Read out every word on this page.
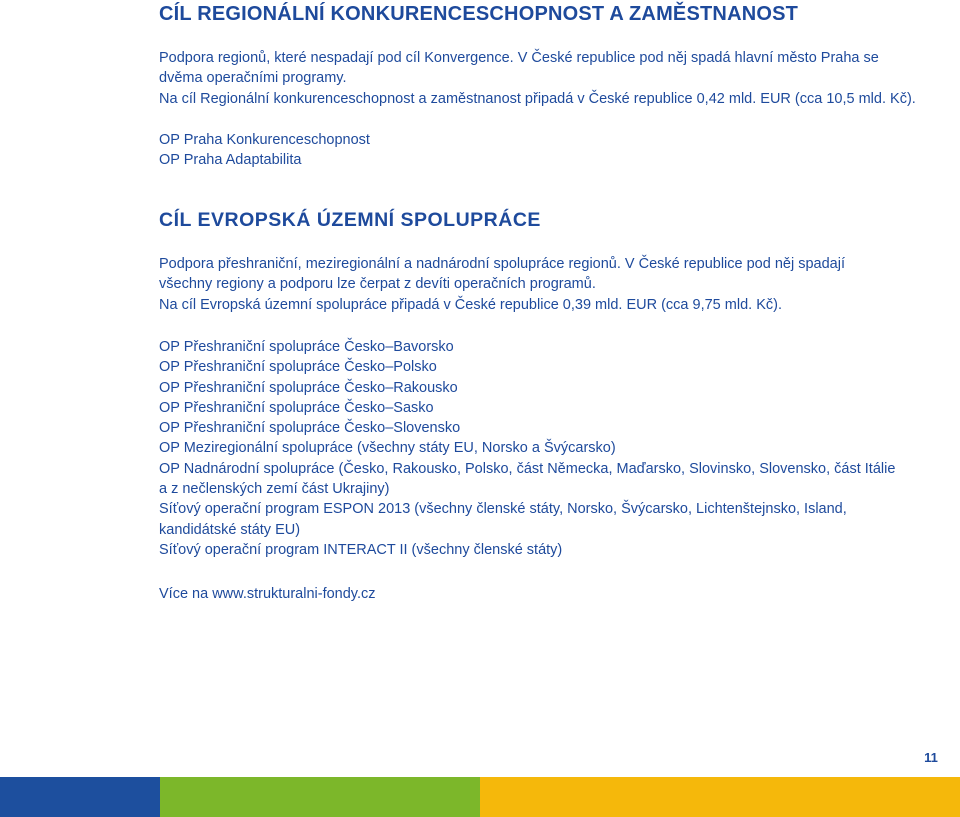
CÍL REGIONÁLNÍ KONKURENCESCHOPNOST A ZAMĚSTNANOST
Podpora regionů, které nespadají pod cíl Konvergence. V České republice pod něj spadá hlavní město Praha se
dvěma operačními programy.
Na cíl Regionální konkurenceschopnost a zaměstnanost připadá v České republice 0,42 mld. EUR (cca 10,5 mld. Kč).
OP Praha Konkurenceschopnost
OP Praha Adaptabilita
CÍL EVROPSKÁ ÚZEMNÍ SPOLUPRÁCE
Podpora přeshraniční, meziregionální a nadnárodní spolupráce regionů. V České republice pod něj spadají
všechny regiony a podporu lze čerpat z devíti operačních programů.
Na cíl Evropská územní spolupráce připadá v České republice 0,39 mld. EUR (cca 9,75 mld. Kč).
OP Přeshraniční spolupráce Česko–Bavorsko
OP Přeshraniční spolupráce Česko–Polsko
OP Přeshraniční spolupráce Česko–Rakousko
OP Přeshraniční spolupráce Česko–Sasko
OP Přeshraniční spolupráce Česko–Slovensko
OP Meziregionální spolupráce (všechny státy EU, Norsko a Švýcarsko)
OP Nadnárodní spolupráce (Česko, Rakousko, Polsko, část Německa, Maďarsko, Slovinsko, Slovensko, část Itálie
a z nečlenských zemí část Ukrajiny)
Síťový operační program ESPON 2013 (všechny členské státy, Norsko, Švýcarsko, Lichtenštejnsko, Island,
kandidátské státy EU)
Síťový operační program INTERACT II (všechny členské státy)
Více na www.strukturalni-fondy.cz
11
